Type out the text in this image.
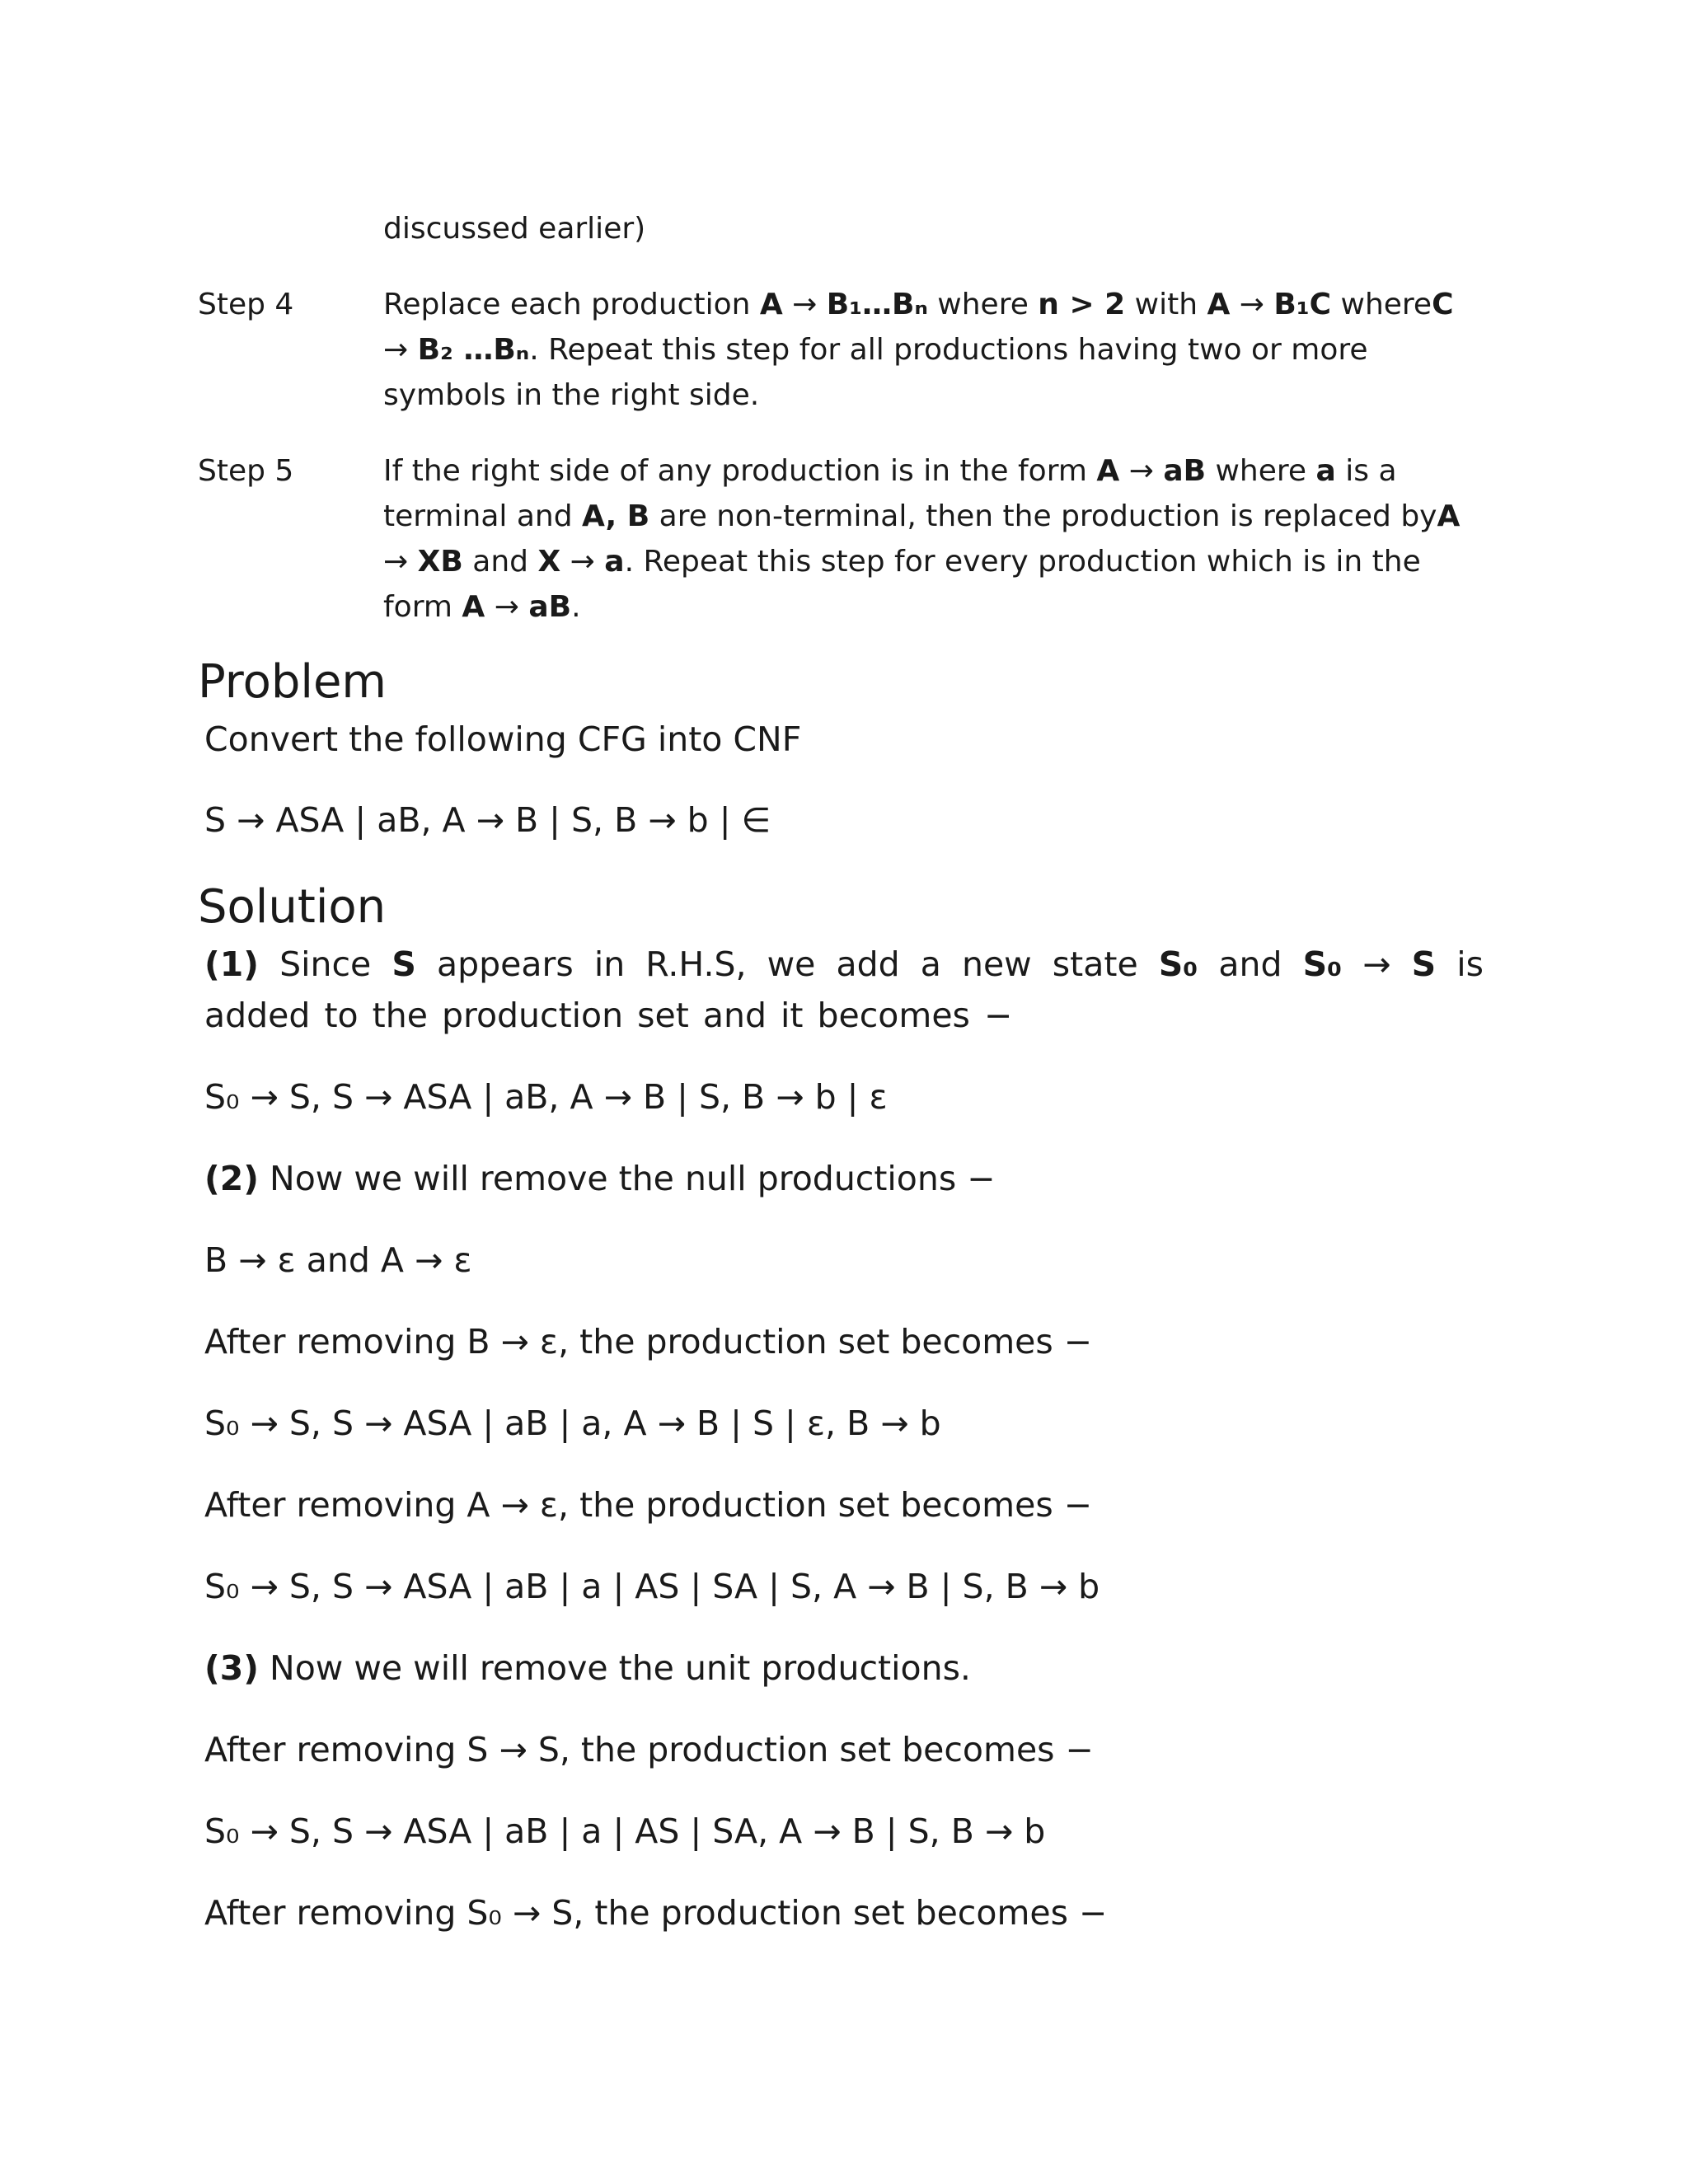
discussed earlier)
Step 4	Replace each production A → B₁…Bₙ where n > 2 with A → B₁C whereC → B₂ …Bₙ. Repeat this step for all productions having two or more symbols in the right side.
Step 5	If the right side of any production is in the form A → aB where a is a terminal and A, B are non-terminal, then the production is replaced byA → XB and X → a. Repeat this step for every production which is in the form A → aB.
Problem

Convert the following CFG into CNF

S → ASA | aB, A → B | S, B → b | ∈

Solution

(1) Since S appears in R.H.S, we add a new state S₀ and S₀ → S is added to the production set and it becomes −

S₀ → S, S → ASA | aB, A → B | S, B → b | ε

(2) Now we will remove the null productions −

B → ε and A → ε

After removing B → ε, the production set becomes −

S₀ → S, S → ASA | aB | a, A → B | S | ε, B → b

After removing A → ε, the production set becomes −

S₀ → S, S → ASA | aB | a | AS | SA | S, A → B | S, B → b

(3) Now we will remove the unit productions.

After removing S → S, the production set becomes −

S₀ → S, S → ASA | aB | a | AS | SA, A → B | S, B → b

After removing S₀ → S, the production set becomes −
